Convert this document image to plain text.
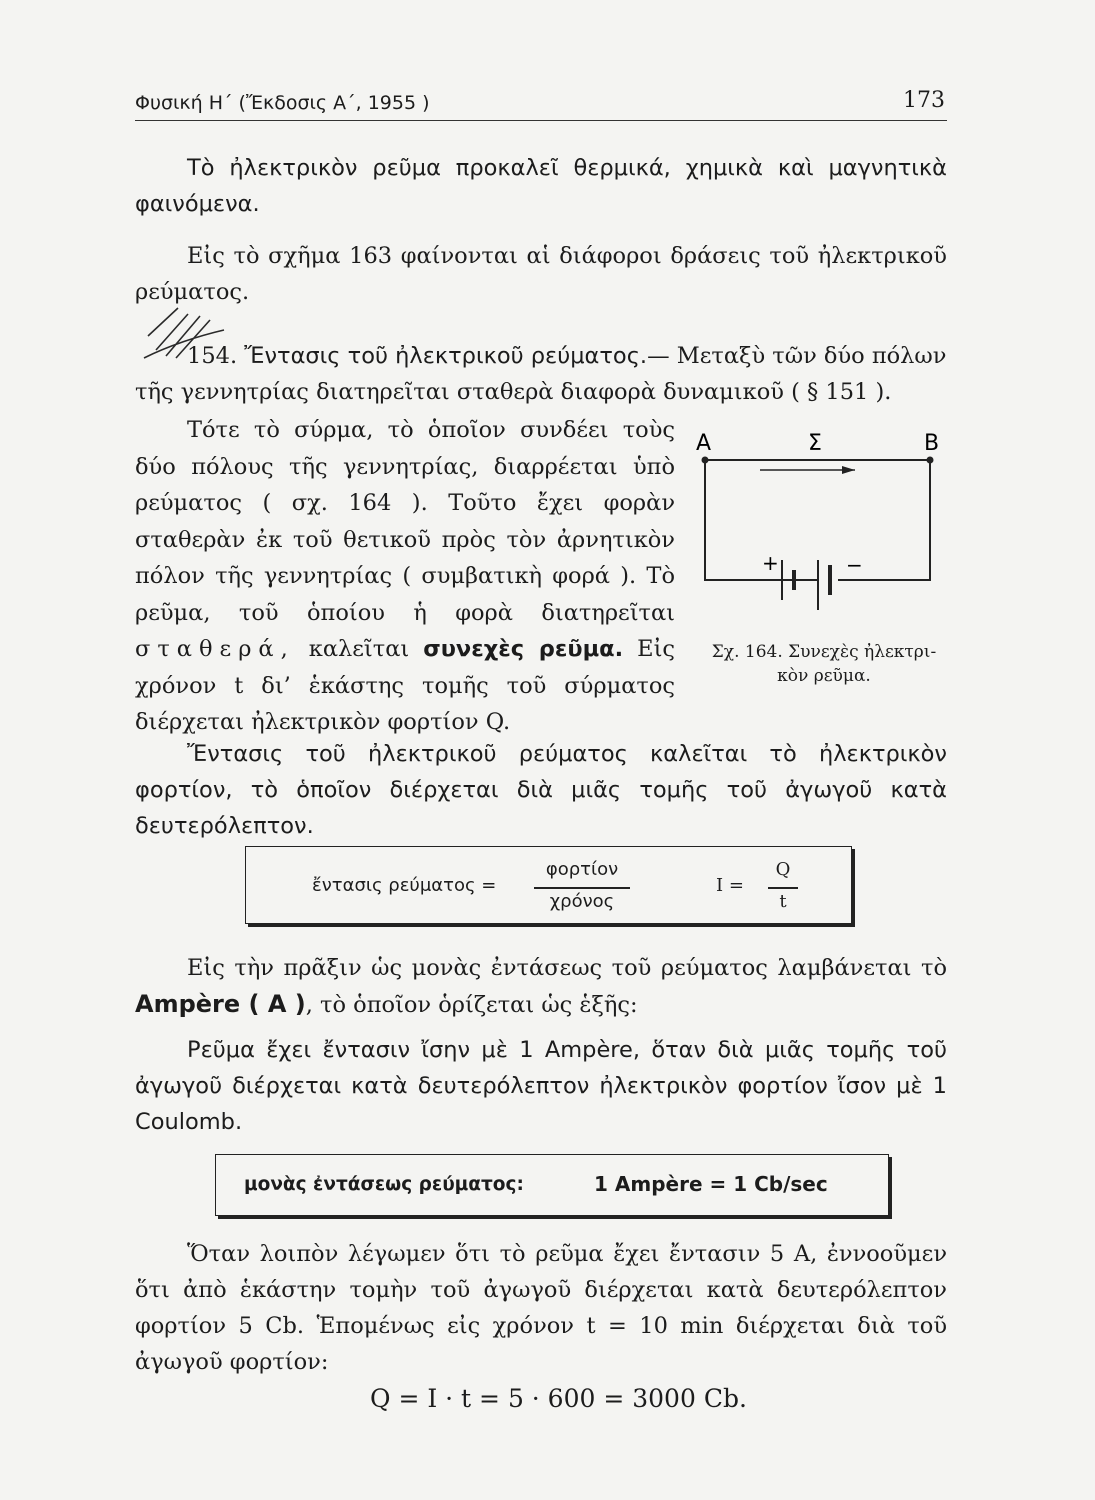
Φυσική Η΄ (Ἔκδοσις Α΄, 1955 )	173

Τὸ ἠλεκτρικὸν ρεῦμα προκαλεῖ θερμικά, χημικὰ καὶ μαγνητικὰ φαινόμενα.

Εἰς τὸ σχῆμα 163 φαίνονται αἱ διάφοροι δράσεις τοῦ ἠλεκτρικοῦ ρεύματος.

154. Ἔντασις τοῦ ἠλεκτρικοῦ ρεύματος.— Μεταξὺ τῶν δύο πόλων τῆς γεννητρίας διατηρεῖται σταθερὰ διαφορὰ δυναμικοῦ ( § 151 ).

Τότε τὸ σύρμα, τὸ ὁποῖον συνδέει τοὺς δύο πόλους τῆς γεννητρίας, διαρρέεται ὑπὸ ρεύματος ( σχ. 164 ). Τοῦτο ἔχει φορὰν σταθερὰν ἐκ τοῦ θετικοῦ πρὸς τὸν ἀρνητικὸν πόλον τῆς γεννητρίας ( συμβατικὴ φορά ). Τὸ ρεῦμα, τοῦ ὁποίου ἡ φορὰ διατηρεῖται σταθερά, καλεῖται συνεχὲς ρεῦμα. Εἰς χρόνον t δι’ ἑκάστης τομῆς τοῦ σύρματος διέρχεται ἠλεκτρικὸν φορτίον Q.

A	Σ	B
+	−
Σχ. 164. Συνεχὲς ἠλεκτρι-
κὸν ρεῦμα.

Ἔντασις τοῦ ἠλεκτρικοῦ ρεύματος καλεῖται τὸ ἠλεκτρικὸν φορτίον, τὸ ὁποῖον διέρχεται διὰ μιᾶς τομῆς τοῦ ἀγωγοῦ κατὰ δευτερόλεπτον.

ἔντασις ρεύματος =
φορτίον
χρόνος
I =
Q
t

Εἰς τὴν πρᾶξιν ὡς μονὰς ἐντάσεως τοῦ ρεύματος λαμβάνεται τὸ Ampère ( A ), τὸ ὁποῖον ὁρίζεται ὡς ἑξῆς:

Ρεῦμα ἔχει ἔντασιν ἴσην μὲ 1 Ampère, ὅταν διὰ μιᾶς τομῆς τοῦ ἀγωγοῦ διέρχεται κατὰ δευτερόλεπτον ἠλεκτρικὸν φορτίον ἴσον μὲ 1 Coulomb.

μονὰς ἐντάσεως ρεύματος:	1 Ampère = 1 Cb/sec

Ὅταν λοιπὸν λέγωμεν ὅτι τὸ ρεῦμα ἔχει ἔντασιν 5 A, ἐννοοῦμεν ὅτι ἀπὸ ἑκάστην τομὴν τοῦ ἀγωγοῦ διέρχεται κατὰ δευτερόλεπτον φορτίον 5 Cb. Ἑπομένως εἰς χρόνον t = 10 min διέρχεται διὰ τοῦ ἀγωγοῦ φορτίον:

Q = I · t = 5 · 600 = 3000 Cb.
